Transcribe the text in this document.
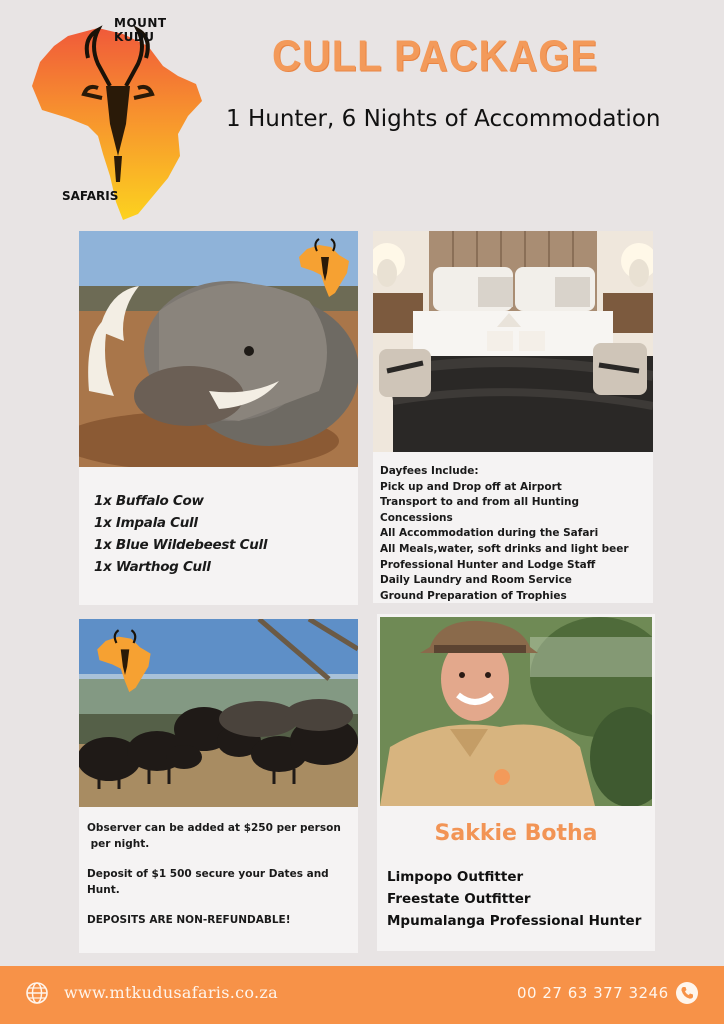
MOUNT KUDU
SAFARIS
CULL PACKAGE
1 Hunter, 6 Nights of Accommodation
1x Buffalo Cow
1x Impala Cull
1x Blue Wildebeest Cull
1x Warthog Cull

Dayfees Include:

Pick up and Drop off at Airport

Transport to and from all Hunting Concessions

All Accommodation during the Safari

All Meals,water, soft drinks and light beer

Professional Hunter and Lodge Staff

Daily Laundry and Room Service

Ground Preparation of Trophies

Observer can be added at $250 per person

per night.

Deposit of $1 500 secure your Dates and Hunt.

DEPOSITS ARE NON-REFUNDABLE!

Sakkie Botha

Limpopo Outfitter

Freestate Outfitter

Mpumalanga Professional Hunter

www.mtkudusafaris.co.za	00 27 63 377 3246
